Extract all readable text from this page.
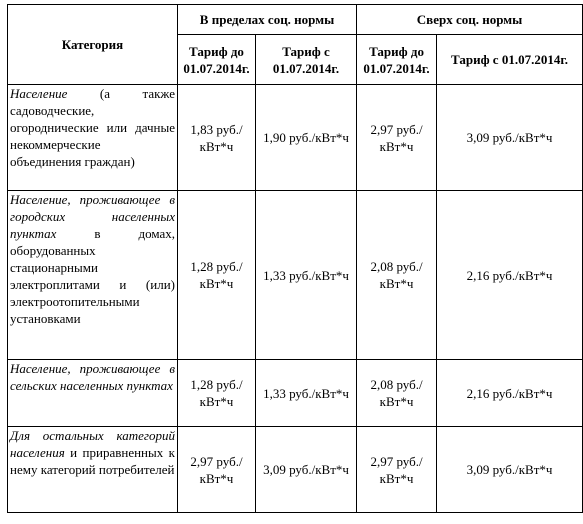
Категория	В пределах соц. нормы		Сверх соц. нормы	
	Тариф до 01.07.2014г.	Тариф с 01.07.2014г.	Тариф до 01.07.2014г.	Тариф с 01.07.2014г.
Население (а также садоводческие, огороднические или дачные некоммерческие объединения граждан)	1,83 руб./ кВт*ч	1,90 руб./кВт*ч	2,97 руб./ кВт*ч	3,09 руб./кВт*ч
Население, проживающее в городских населенных пунктах в домах, оборудованных стационарными электроплитами и (или) электроотопительными установками	1,28 руб./ кВт*ч	1,33 руб./кВт*ч	2,08 руб./ кВт*ч	2,16 руб./кВт*ч
Население, проживающее в сельских населенных пунктах	1,28 руб./ кВт*ч	1,33 руб./кВт*ч	2,08 руб./ кВт*ч	2,16 руб./кВт*ч
Для остальных категорий населения и приравненных к нему категорий потребителей	2,97 руб./ кВт*ч	3,09 руб./кВт*ч	2,97 руб./ кВт*ч	3,09 руб./кВт*ч
